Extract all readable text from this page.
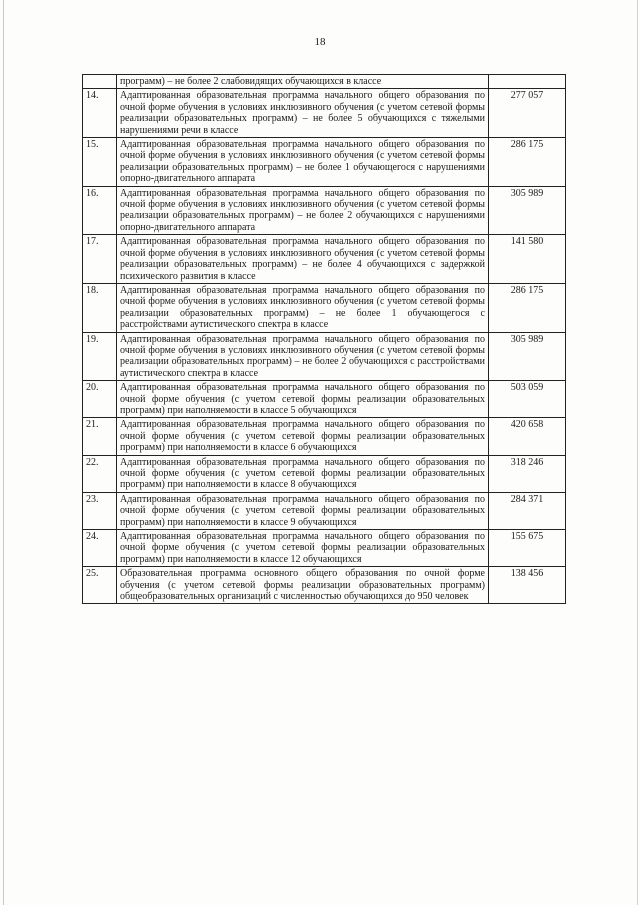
18
	программ) – не более 2 слабовидящих обучающихся в классе	
14.	Адаптированная образовательная программа начального общего образования по очной форме обучения в условиях инклюзивного обучения (с учетом сетевой формы реализации образовательных программ) – не более 5 обучающихся с тяжелыми нарушениями речи в классе	277 057
15.	Адаптированная образовательная программа начального общего образования по очной форме обучения в условиях инклюзивного обучения (с учетом сетевой формы реализации образовательных программ) – не более 1 обучающегося с нарушениями опорно-двигательного аппарата	286 175
16.	Адаптированная образовательная программа начального общего образования по очной форме обучения в условиях инклюзивного обучения (с учетом сетевой формы реализации образовательных программ) – не более 2 обучающихся с нарушениями опорно-двигательного аппарата	305 989
17.	Адаптированная образовательная программа начального общего образования по очной форме обучения в условиях инклюзивного обучения (с учетом сетевой формы реализации образовательных программ) – не более 4 обучающихся с задержкой психического развития в классе	141 580
18.	Адаптированная образовательная программа начального общего образования по очной форме обучения в условиях инклюзивного обучения (с учетом сетевой формы реализации образовательных программ) – не более 1 обучающегося с расстройствами аутистического спектра в классе	286 175
19.	Адаптированная образовательная программа начального общего образования по очной форме обучения в условиях инклюзивного обучения (с учетом сетевой формы реализации образовательных программ) – не более 2 обучающихся с расстройствами аутистического спектра в классе	305 989
20.	Адаптированная образовательная программа начального общего образования по очной форме обучения (с учетом сетевой формы реализации образовательных программ) при наполняемости в классе 5 обучающихся	503 059
21.	Адаптированная образовательная программа начального общего образования по очной форме обучения (с учетом сетевой формы реализации образовательных программ) при наполняемости в классе 6 обучающихся	420 658
22.	Адаптированная образовательная программа начального общего образования по очной форме обучения (с учетом сетевой формы реализации образовательных программ) при наполняемости в классе 8 обучающихся	318 246
23.	Адаптированная образовательная программа начального общего образования по очной форме обучения (с учетом сетевой формы реализации образовательных программ) при наполняемости в классе 9 обучающихся	284 371
24.	Адаптированная образовательная программа начального общего образования по очной форме обучения (с учетом сетевой формы реализации образовательных программ) при наполняемости в классе 12 обучающихся	155 675
25.	Образовательная программа основного общего образования по очной форме обучения (с учетом сетевой формы реализации образовательных программ) общеобразовательных организаций с численностью обучающихся до 950 человек	138 456
